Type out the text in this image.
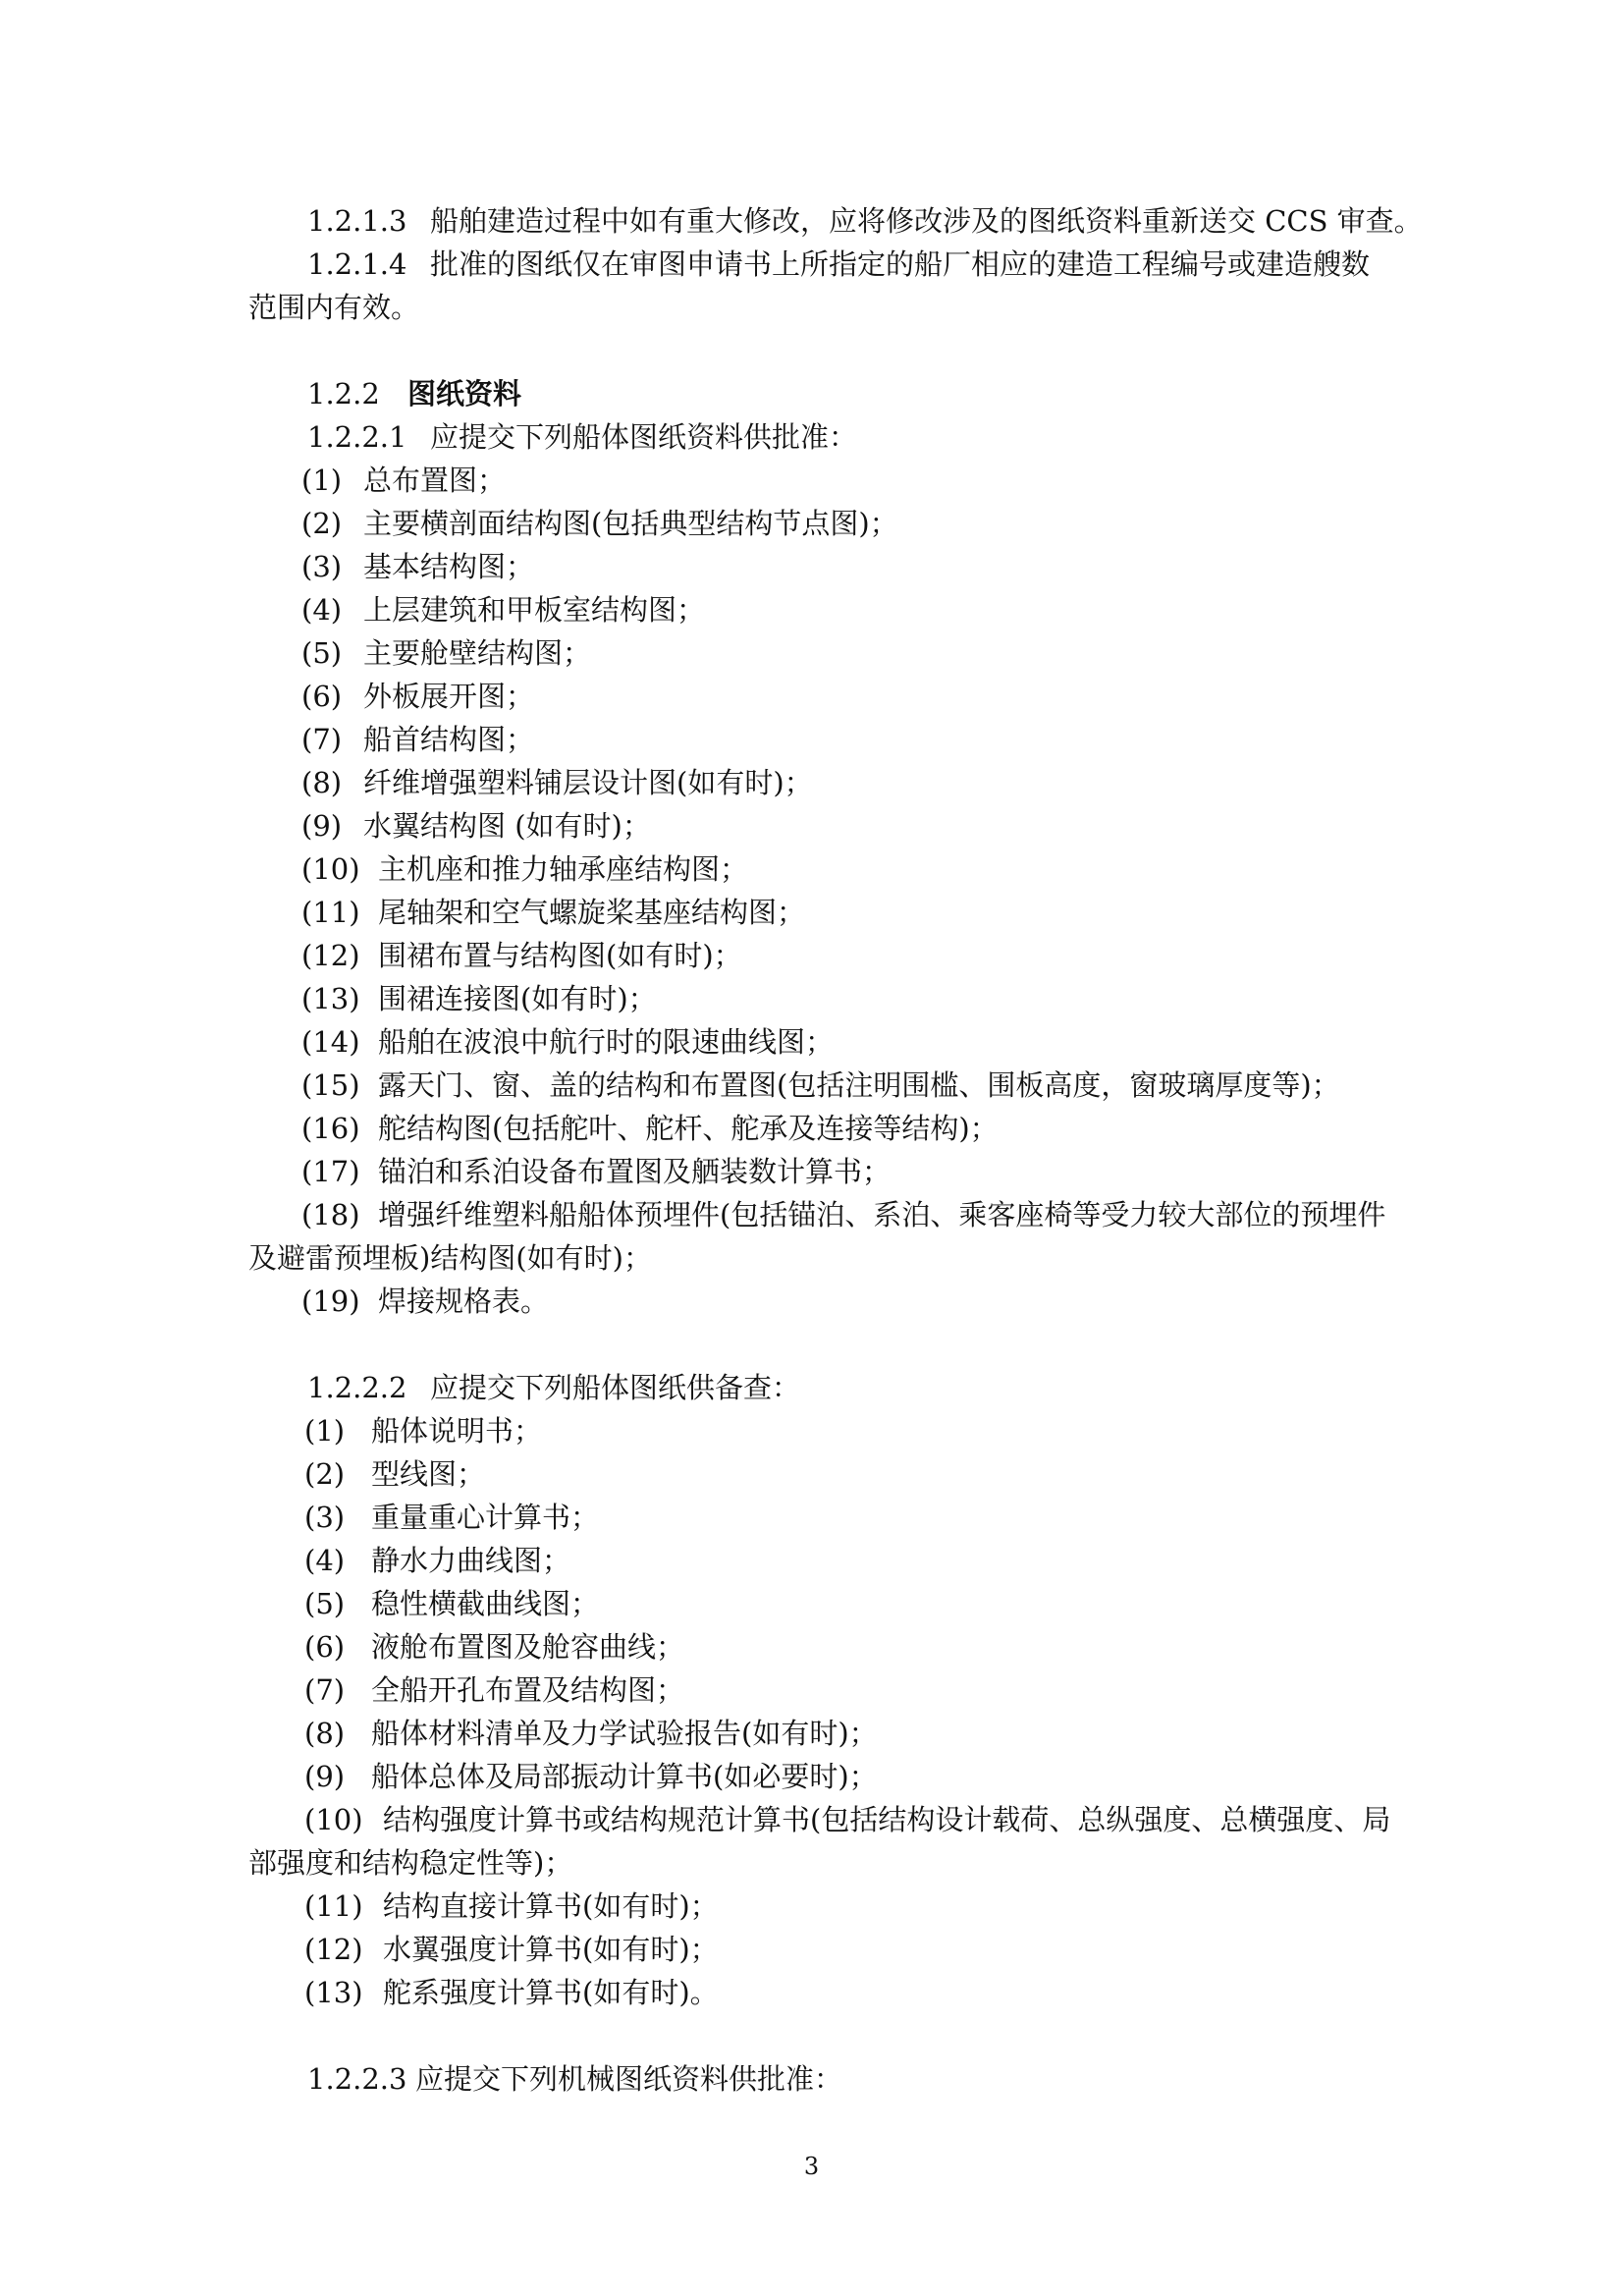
1.2.1.3 船舶建造过程中如有重大修改，应将修改涉及的图纸资料重新送交 CCS 审查。
1.2.1.4 批准的图纸仅在审图申请书上所指定的船厂相应的建造工程编号或建造艘数
范围内有效。
1.2.2 图纸资料
1.2.2.1 应提交下列船体图纸资料供批准：
(1) 总布置图；
(2) 主要横剖面结构图(包括典型结构节点图)；
(3) 基本结构图；
(4) 上层建筑和甲板室结构图；
(5) 主要舱壁结构图；
(6) 外板展开图；
(7) 船首结构图；
(8) 纤维增强塑料铺层设计图(如有时)；
(9) 水翼结构图 (如有时)；
(10) 主机座和推力轴承座结构图；
(11) 尾轴架和空气螺旋桨基座结构图；
(12) 围裙布置与结构图(如有时)；
(13) 围裙连接图(如有时)；
(14) 船舶在波浪中航行时的限速曲线图；
(15) 露天门、窗、盖的结构和布置图(包括注明围槛、围板高度，窗玻璃厚度等)；
(16) 舵结构图(包括舵叶、舵杆、舵承及连接等结构)；
(17) 锚泊和系泊设备布置图及舾装数计算书；
(18) 增强纤维塑料船船体预埋件(包括锚泊、系泊、乘客座椅等受力较大部位的预埋件
及避雷预埋板)结构图(如有时)；
(19) 焊接规格表。
1.2.2.2 应提交下列船体图纸供备查：
(1) 船体说明书；
(2) 型线图；
(3) 重量重心计算书；
(4) 静水力曲线图；
(5) 稳性横截曲线图；
(6) 液舱布置图及舱容曲线；
(7) 全船开孔布置及结构图；
(8) 船体材料清单及力学试验报告(如有时)；
(9) 船体总体及局部振动计算书(如必要时)；
(10) 结构强度计算书或结构规范计算书(包括结构设计载荷、总纵强度、总横强度、局
部强度和结构稳定性等)；
(11) 结构直接计算书(如有时)；
(12) 水翼强度计算书(如有时)；
(13) 舵系强度计算书(如有时)。
1.2.2.3 应提交下列机械图纸资料供批准：
3
